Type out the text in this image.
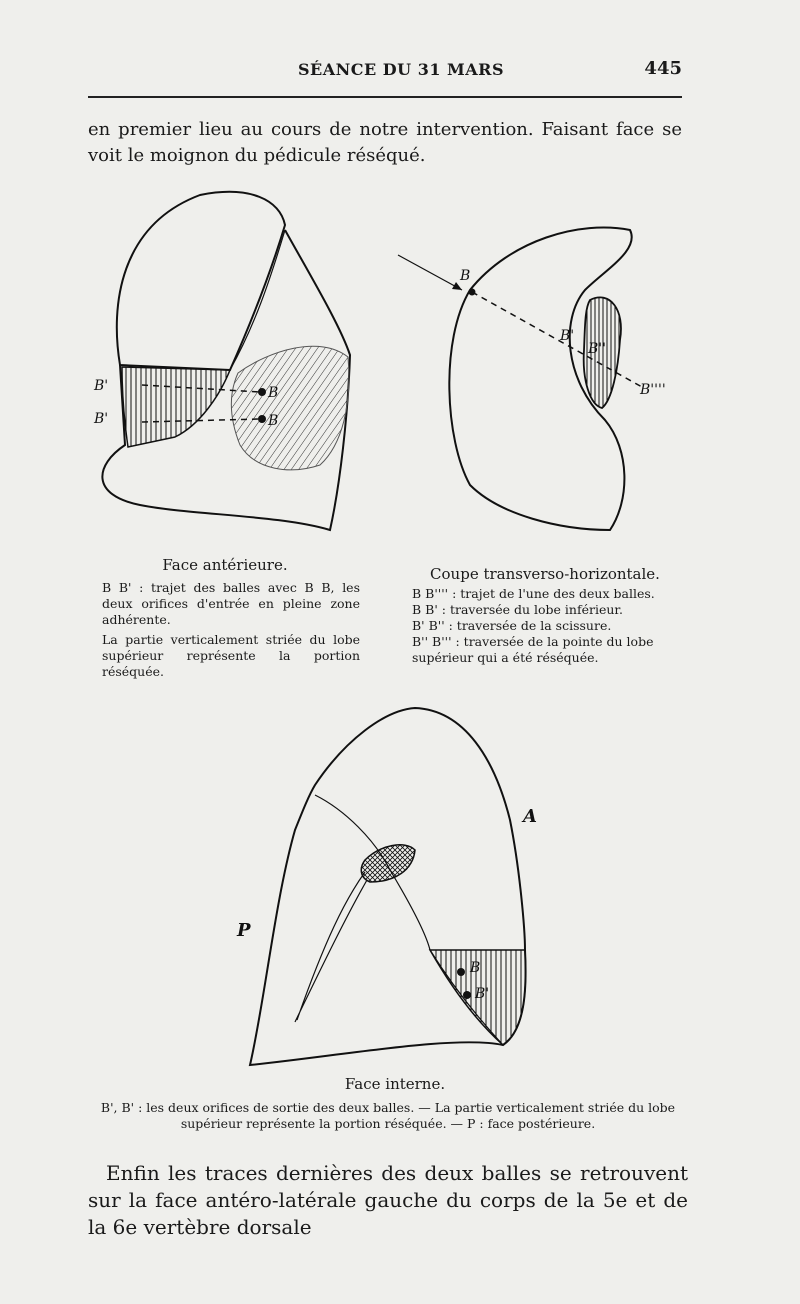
SÉANCE DU 31 MARS	445

en premier lieu au cours de notre intervention. Faisant face se voit le moignon du pédicule réséqué.

B'
B'
B
B
Face antérieure.

B B' : trajet des balles avec B B, les deux orifices d'entrée en pleine zone adhérente.

La partie verticalement striée du lobe supérieur représente la portion réséquée.

B
B'
B''
B''''
Coupe transverso-horizontale.

B B'''' : trajet de l'une des deux balles.

B B' : traversée du lobe inférieur.

B' B'' : traversée de la scissure.

B'' B''' : traversée de la pointe du lobe supérieur qui a été réséquée.

A
P
B
B'
Face interne.

B', B' : les deux orifices de sortie des deux balles. — La partie verticalement striée du lobe supérieur représente la portion réséquée. — P : face postérieure.

Enfin les traces dernières des deux balles se retrouvent sur la face antéro-latérale gauche du corps de la 5e et de la 6e vertèbre dorsale
